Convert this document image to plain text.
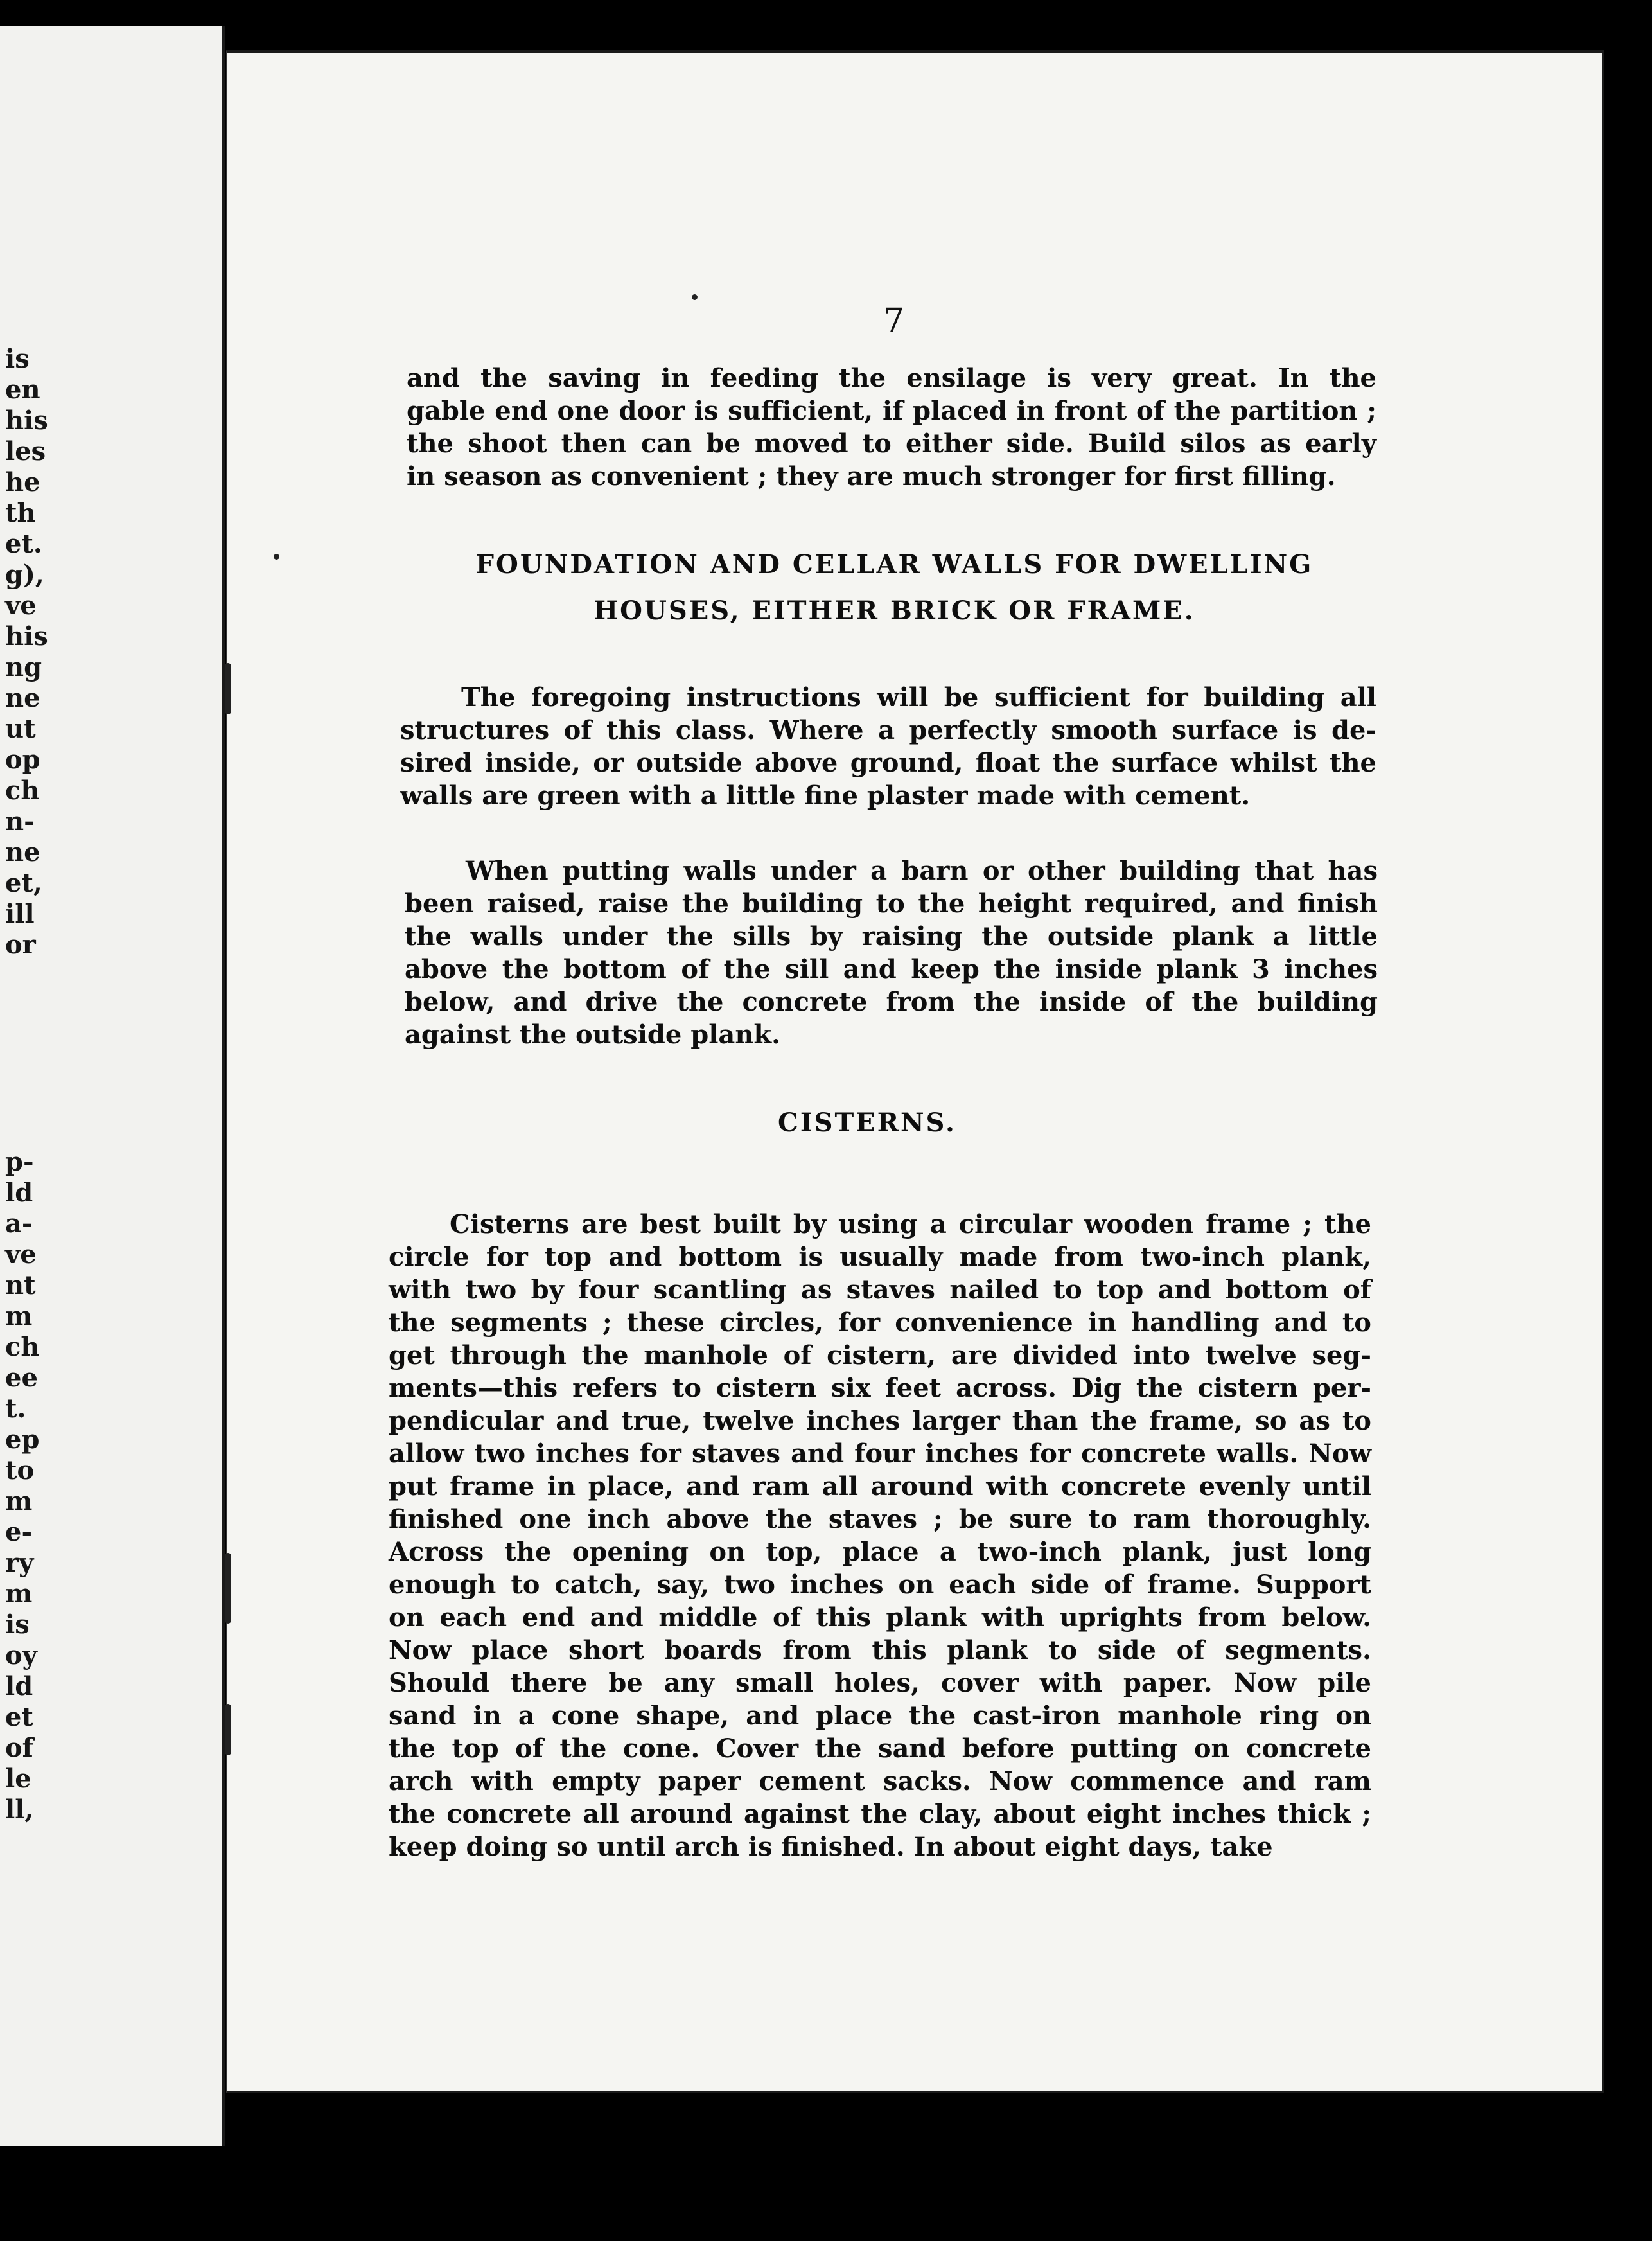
is
en
his
les
he
th
et.
g),
ve
his
ng
ne
ut
op
ch
n-
ne
et,
ill
or
p-
ld
a-
ve
nt
m
ch
ee
t.
ep
to
m
e-
ry
m
is
oy
ld
et
of
le
ll,

7

and the saving in feeding the ensilage is very great. In the
gable end one door is sufficient, if placed in front of the partition ;
the shoot then can be moved to either side. Build silos as early
in season as convenient ; they are much stronger for first filling.
FOUNDATION AND CELLAR WALLS FOR DWELLING
HOUSES, EITHER BRICK OR FRAME.
The foregoing instructions will be sufficient for building all
structures of this class. Where a perfectly smooth surface is de-
sired inside, or outside above ground, float the surface whilst the
walls are green with a little fine plaster made with cement.
When putting walls under a barn or other building that has
been raised, raise the building to the height required, and finish
the walls under the sills by raising the outside plank a little
above the bottom of the sill and keep the inside plank 3 inches
below, and drive the concrete from the inside of the building
against the outside plank.
CISTERNS.
Cisterns are best built by using a circular wooden frame ; the
circle for top and bottom is usually made from two-inch plank,
with two by four scantling as staves nailed to top and bottom of
the segments ; these circles, for convenience in handling and to
get through the manhole of cistern, are divided into twelve seg-
ments—this refers to cistern six feet across. Dig the cistern per-
pendicular and true, twelve inches larger than the frame, so as to
allow two inches for staves and four inches for concrete walls. Now
put frame in place, and ram all around with concrete evenly until
finished one inch above the staves ; be sure to ram thoroughly.
Across the opening on top, place a two-inch plank, just long
enough to catch, say, two inches on each side of frame. Support
on each end and middle of this plank with uprights from below.
Now place short boards from this plank to side of segments.
Should there be any small holes, cover with paper. Now pile
sand in a cone shape, and place the cast-iron manhole ring on
the top of the cone. Cover the sand before putting on concrete
arch with empty paper cement sacks. Now commence and ram
the concrete all around against the clay, about eight inches thick ;
keep doing so until arch is finished. In about eight days, take
